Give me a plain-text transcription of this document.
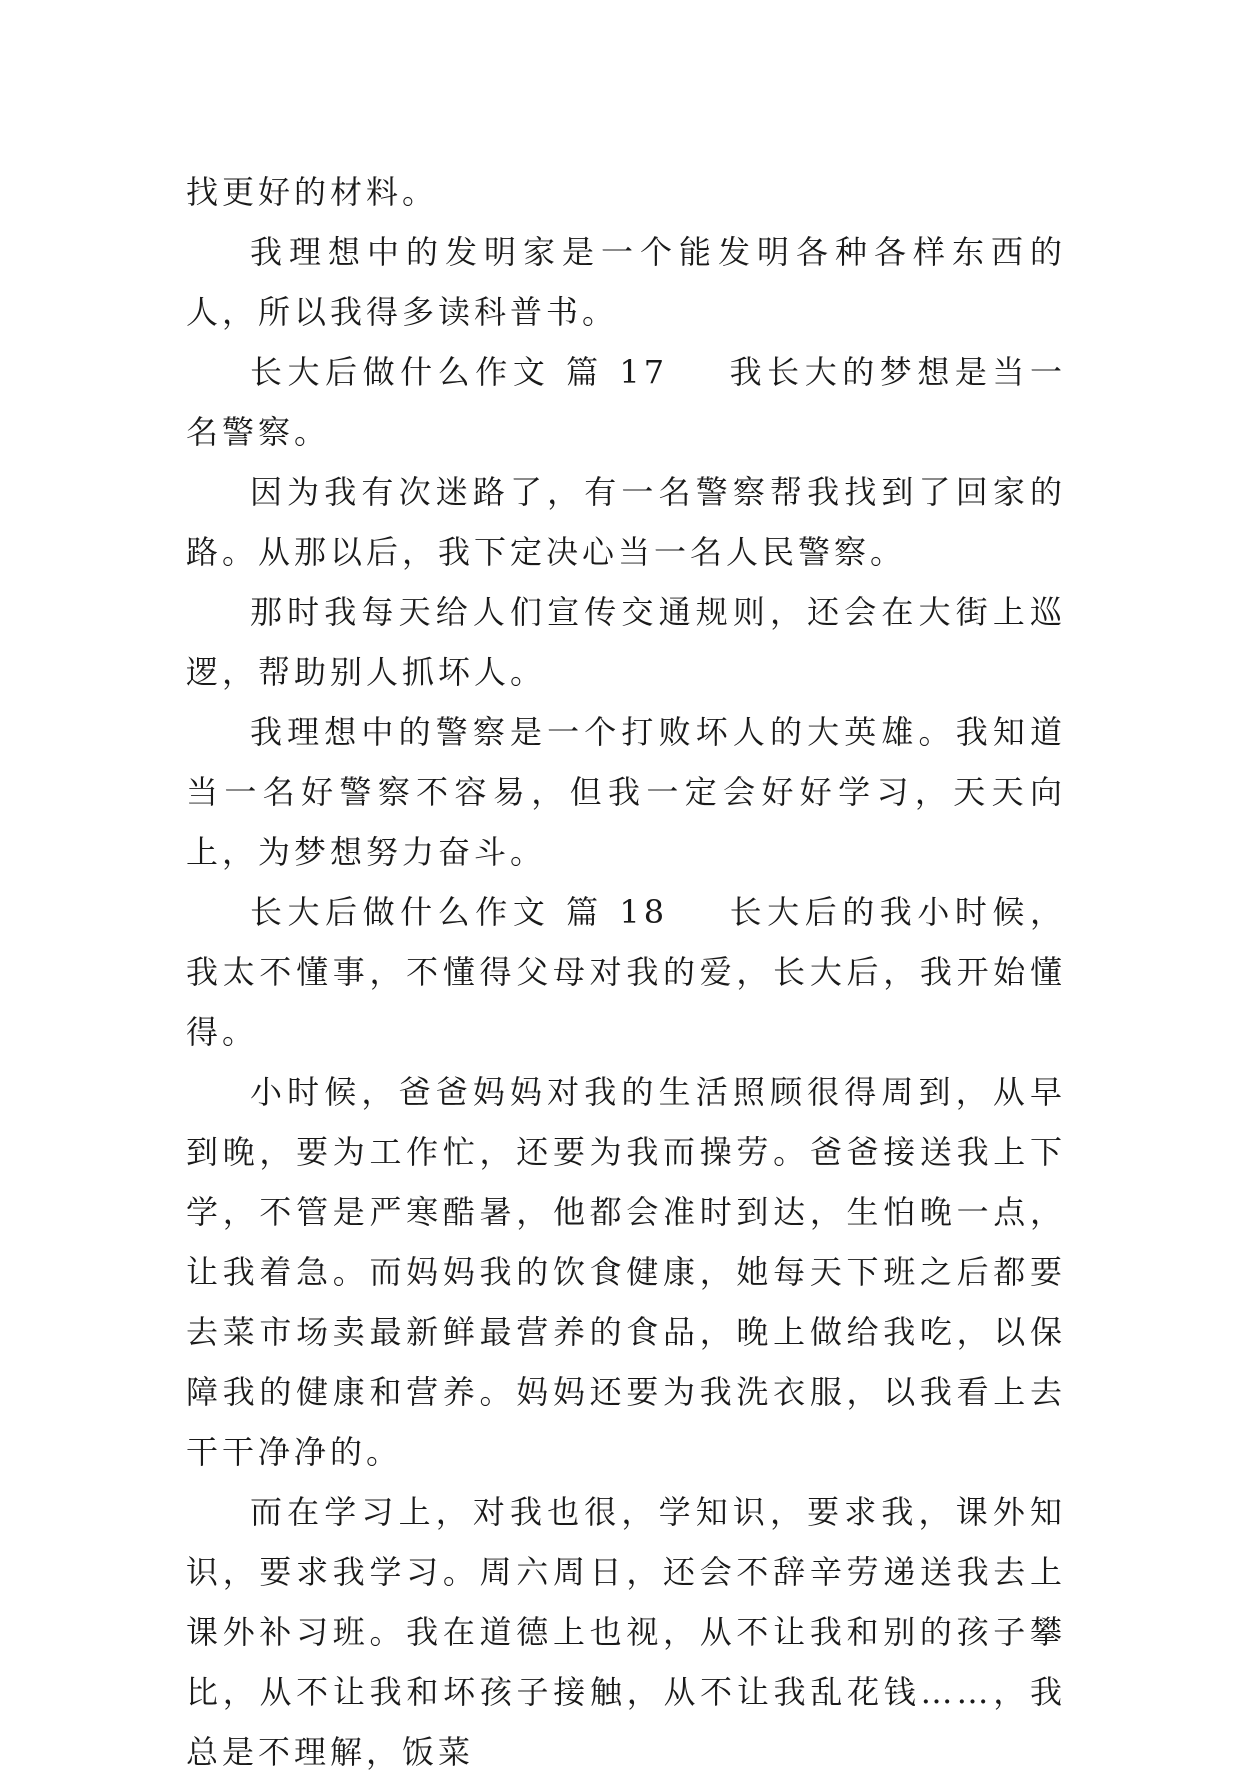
找更好的材料。

我理想中的发明家是一个能发明各种各样东西的人，所以我得多读科普书。

长大后做什么作文 篇 17 我长大的梦想是当一名警察。

因为我有次迷路了，有一名警察帮我找到了回家的路。从那以后，我下定决心当一名人民警察。

那时我每天给人们宣传交通规则，还会在大街上巡逻，帮助别人抓坏人。

我理想中的警察是一个打败坏人的大英雄。我知道当一名好警察不容易，但我一定会好好学习，天天向上，为梦想努力奋斗。

长大后做什么作文 篇 18 长大后的我小时候，我太不懂事，不懂得父母对我的爱，长大后，我开始懂得。

小时候，爸爸妈妈对我的生活照顾很得周到，从早到晚，要为工作忙，还要为我而操劳。爸爸接送我上下学，不管是严寒酷暑，他都会准时到达，生怕晚一点，让我着急。而妈妈我的饮食健康，她每天下班之后都要去菜市场卖最新鲜最营养的食品，晚上做给我吃，以保障我的健康和营养。妈妈还要为我洗衣服，以我看上去干干净净的。

而在学习上，对我也很，学知识，要求我，课外知识，要求我学习。周六周日，还会不辞辛劳递送我去上课外补习班。我在道德上也视，从不让我和别的孩子攀比，从不让我和坏孩子接触，从不让我乱花钱……，我总是不理解，饭菜
